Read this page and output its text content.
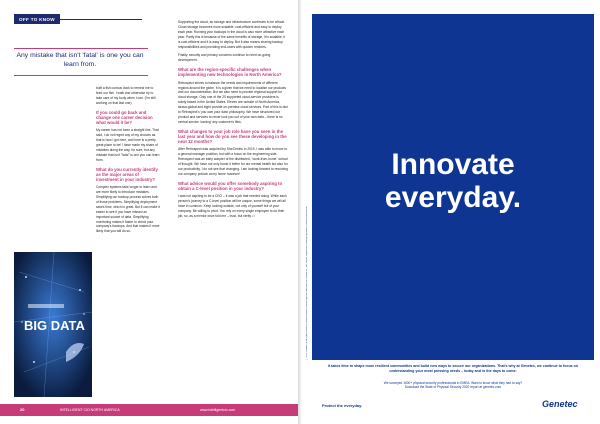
OFF TO KNOW
Any mistake that isn't 'fatal' is one you can learn from.

built a fish curious dock to remind me to feed our fish. I walk and otherwise try to take care of my body when I can. (I'm still working on that last one).

If you could go back and change one career decision what would it be?

My career has not been a straight line. That said, I do not regret any of my choices as that is how I got here, and here is a pretty great place to be! I have made my share of mistakes along the way, for sure, but any mistake that isn't "fatal" is one you can learn from.

What do you currently identify as the major areas of investment in your industry?

Complex systems take longer to learn and are more likely to introduce mistakes. Simplifying our backup process solves both of those problems. Simplifying deployment saves time, which is great. But it can make it easier to see if you have missed an important source of data. Simplifying monitoring makes it faster to check your company's backups. And that makes it more likely that you will do so.

Supporting the cloud, as storage and infrastructure continues to be critical. Cloud storage becomes more scalable, cost-efficient and easy to deploy each year. Running your backups in the cloud is also more attractive each year. Partly this is because of the same benefits of storage, it is scalable, it is cost-efficient and it is easy to deploy. But it also means sharing backup responsibilities and providing end-users with quicker restores.

Finally, security and privacy concerns continue to need on-going development.

What are the region-specific challenges when implementing new technologies in North America?

Retrospect strives to balance the needs and requirements of different regions around the globe. It is a given that we need to localise our products and our documentation. But we also need to provide regional support for cloud storage. Only one of the 20 supported cloud-service providers is solely based in the United States. Eleven are outside of North America, strava-global and eight provide on-premise cloud services. Part of this is due to Retrospect's 'you own your data' philosophy. We have structured our product and services to never lock you out of your own data – there is no central service 'owning' any customer's files.

What changes to your job role have you seen in the last year and how do you see these developing in the next 12 months?

After Retrospect was acquired by StorCentric in 2019, I was able to move to a general manager position, but with a focus on the engineering side. Retrospect was an early adopter of the distributed, "work-from-home" school of thought. We have not only found it better for our mental health but also for our productivity. I do not see that changing. I am looking forward to resuming our company potluck at my home however!

What advice would you offer somebody aspiring to obtain a C-level position in your industry?

I was not aspiring to be a CEO – it was a job that needed doing. While each person's journey to a C-level position will be unique, some things we will all have in common. Keep looking outside, not only of yourself but of your company. Be willing to pivot. You rely on every single employee to do their job, so, as a mentor once told me – trust, but verify. □

BIG DATA
20	INTELLIGENT CIO NORTH AMERICA	www.intelligentcio.com
© 2021 Genetec Inc. All rights reserved. Genetec and the Genetec logo are trademarks of Genetec Inc., and may be registered or pending registration in several jurisdictions.
Innovate
everyday.
It takes time to shape more resilient communities and build new ways to secure our organizations. That's why at Genetec, we continue to focus on understanding your most pressing needs – today and in the days to come.
We surveyed 1600+ physical security professionals in EMEA. Want to know what they had to say?
Download the State of Physical Security 2020 report at genetec.com
Protect the everyday.	Genetec
